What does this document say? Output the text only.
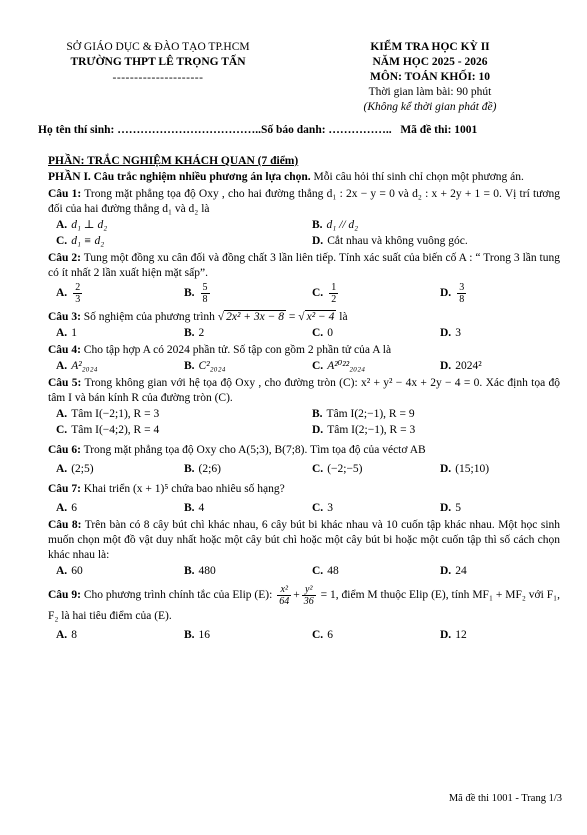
SỞ GIÁO DỤC & ĐÀO TẠO TP.HCM
TRƯỜNG THPT LÊ TRỌNG TẤN
---------------------
KIỂM TRA HỌC KỲ II
NĂM HỌC 2025 - 2026
MÔN: TOÁN KHỐI: 10
Thời gian làm bài: 90 phút
(Không kể thời gian phát đề)
Họ tên thí sinh: ………………………………..Số báo danh: ……………..   Mã đề thi: 1001
PHẦN: TRẮC NGHIỆM KHÁCH QUAN (7 điểm)
PHẦN I. Câu trắc nghiệm nhiều phương án lựa chọn. Mỗi câu hỏi thí sinh chỉ chọn một phương án.
Câu 1: Trong mặt phẳng tọa độ Oxy , cho hai đường thẳng d₁ : 2x − y = 0 và d₂ : x + 2y + 1 = 0. Vị trí tương đối của hai đường thẳng d₁ và d₂ là
A. d₁ ⊥ d₂	B. d₁ // d₂
C. d₁ ≡ d₂	D. Cắt nhau và không vuông góc.
Câu 2: Tung một đồng xu cân đối và đồng chất 3 lần liên tiếp. Tính xác suất của biến cố A : “ Trong 3 lần tung có ít nhất 2 lần xuất hiện mặt sấp”.
A. $\frac{2}{3}$	B. $\frac{5}{8}$	C. $\frac{1}{2}$	D. $\frac{3}{8}$
Câu 3: Số nghiệm của phương trình √ 2x² + 3x − 8 = √ x² − 4 là
A. 1	B. 2	C. 0	D. 3
Câu 4: Cho tập hợp A có 2024 phần tử. Số tập con gồm 2 phần tử của A là
A. A²₂₀₂₄	B. C²₂₀₂₄	C. A²⁰²²₂₀₂₄	D. 2024²
Câu 5: Trong không gian với hệ tọa độ Oxy , cho đường tròn (C): x² + y² − 4x + 2y − 4 = 0. Xác định tọa độ tâm I và bán kính R của đường tròn (C).
A. Tâm I(−2;1), R = 3	B. Tâm I(2;−1), R = 9
C. Tâm I(−4;2), R = 4	D. Tâm I(2;−1), R = 3
Câu 6: Trong mặt phẳng tọa độ Oxy cho A(5;3), B(7;8). Tìm tọa độ của véctơ AB
A. (2;5)	B. (2;6)	C. (−2;−5)	D. (15;10)
Câu 7: Khai triển (x + 1)⁵ chứa bao nhiêu số hạng?
A. 6	B. 4	C. 3	D. 5
Câu 8: Trên bàn có 8 cây bút chì khác nhau, 6 cây bút bi khác nhau và 10 cuốn tập khác nhau. Một học sinh muốn chọn một đồ vật duy nhất hoặc một cây bút chì hoặc một cây bút bi hoặc một cuốn tập thì số cách chọn khác nhau là:
A. 60	B. 480	C. 48	D. 24
Câu 9: Cho phương trình chính tắc của Elip (E): $\frac{\text{x²}}{64} + \frac{\text{y²}}{36} = 1$, điểm M thuộc Elip (E), tính MF₁ + MF₂ với F₁, F₂ là hai tiêu điểm của (E).
A. 8	B. 16	C. 6	D. 12
Mã đề thi 1001 - Trang 1/3
